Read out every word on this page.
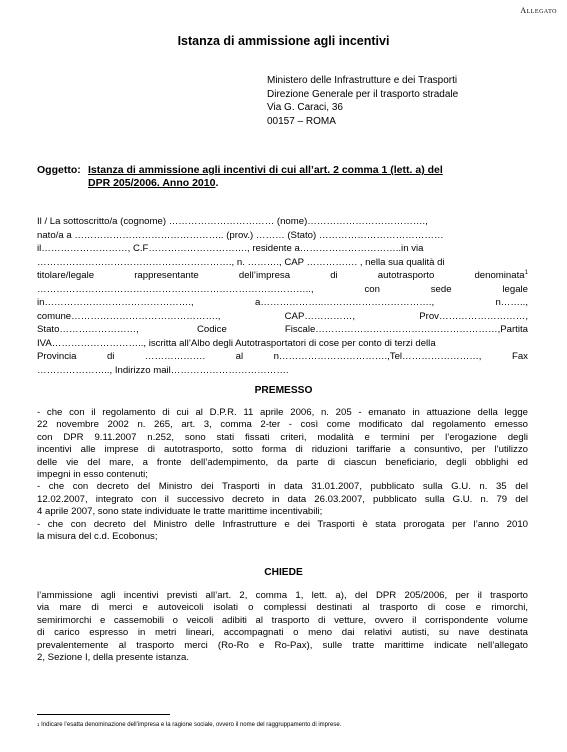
Allegato
Istanza di ammissione agli incentivi
Ministero delle Infrastrutture e dei Trasporti
Direzione Generale per il trasporto stradale
Via G. Caraci, 36
00157 – ROMA
Oggetto: Istanza di ammissione agli incentivi di cui all’art. 2 comma 1 (lett. a) del
DPR 205/2006. Anno 2010.
Il / La sottoscritto/a (cognome) …………………………… (nome)……………………………….,
nato/a a ……………………………………….. (prov.) ……… (Stato) …………………………………
il………………………, C.F…………………………., residente a…………………………..in via
……………………………………………………., n. ………., CAP ……………. , nella sua qualità di
titolare/legale	rappresentante	dell’impresa	di	autotrasporto	denominata$^1$
…………………………………………………………………………..,	con	sede	legale
in……………………………………….,	a………………..…………………………….,	n……..,
comune……………………………………….,	CAP……………,	Prov………………………,
Stato……………………,	Codice	Fiscale…………………………………………………,Partita
IVA……………………….., iscritta all’Albo degli Autotrasportatori di cose per conto di terzi della
Provincia	di	……………….	al	n…………………………….,Tel……………………,	Fax
………………….., Indirizzo mail……………………………….
PREMESSO
- che con il regolamento di cui al D.P.R. 11 aprile 2006, n. 205 - emanato in attuazione della legge
22 novembre 2002 n. 265, art. 3, comma 2-ter - così come modificato dal regolamento emesso
con DPR 9.11.2007 n.252, sono stati fissati criteri, modalità e termini per l’erogazione degli
incentivi alle imprese di autotrasporto, sotto forma di riduzioni tariffarie a consuntivo, per l’utilizzo
delle vie del mare, a fronte dell’adempimento, da parte di ciascun beneficiario, degli obblighi ed
impegni in esso contenuti;
- che con decreto del Ministro dei Trasporti in data 31.01.2007, pubblicato sulla G.U. n. 35 del
12.02.2007, integrato con il successivo decreto in data 26.03.2007, pubblicato sulla G.U. n. 79 del
4 aprile 2007, sono state individuate le tratte marittime incentivabili;
- che con decreto del Ministro delle Infrastrutture e dei Trasporti è stata prorogata per l’anno 2010
la misura del c.d. Ecobonus;
CHIEDE
l’ammissione agli incentivi previsti all’art. 2, comma 1, lett. a), del DPR 205/2006, per il trasporto
via mare di merci e autoveicoli isolati o complessi destinati al trasporto di cose e rimorchi,
semirimorchi e cassemobili o veicoli adibiti al trasporto di vetture, ovvero il corrispondente volume
di carico espresso in metri lineari, accompagnati o meno dai relativi autisti, su nave destinata
prevalentemente al trasporto merci (Ro-Ro e Ro-Pax), sulle tratte marittime indicate nell’allegato
2, Sezione I, della presente istanza.
$^1$ Indicare l’esatta denominazione dell’impresa e la ragione sociale, ovvero il nome del raggruppamento di imprese.
